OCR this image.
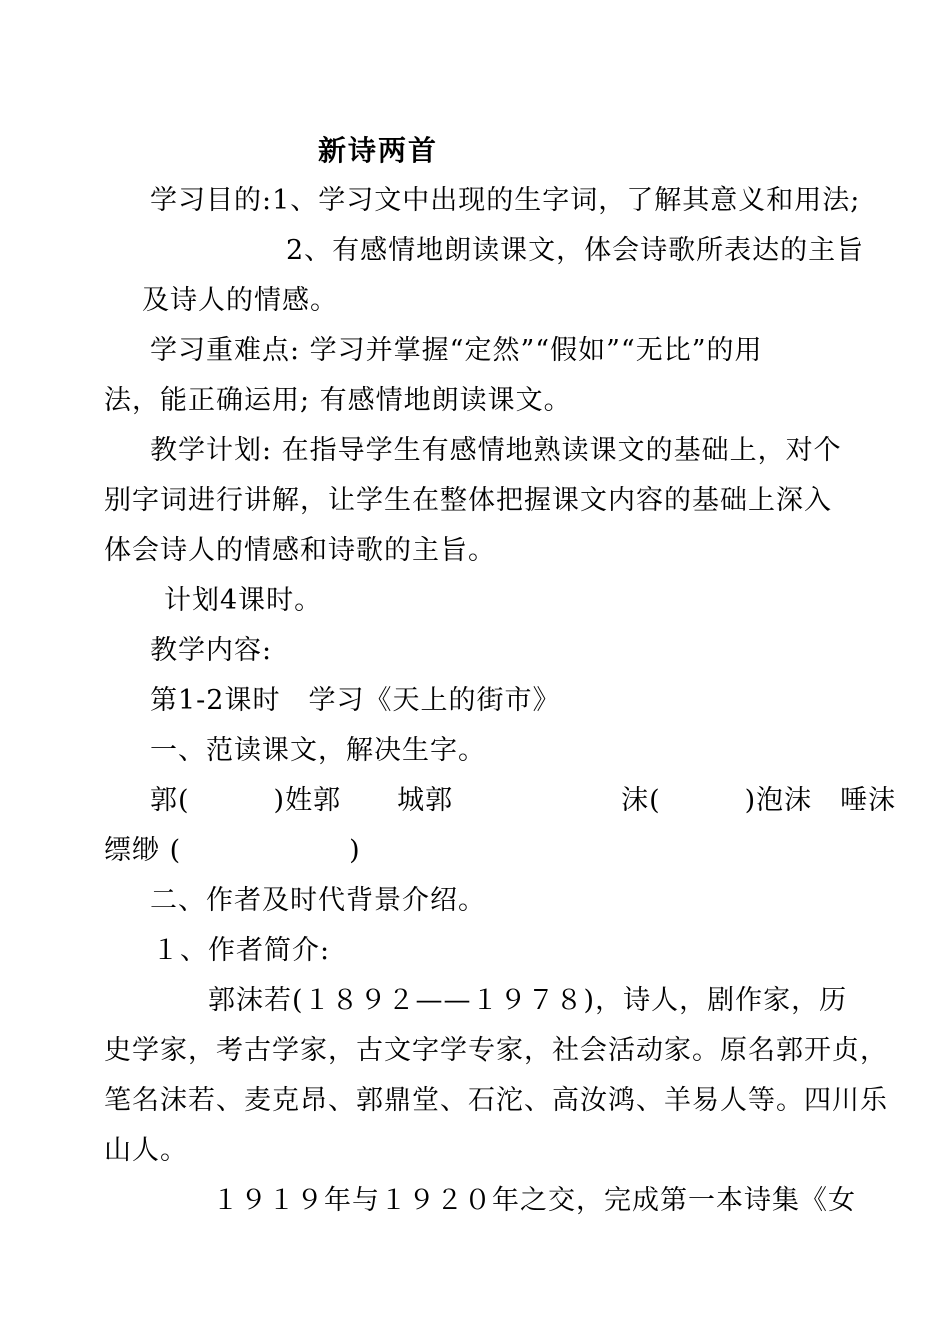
新诗两首
学习目的:1、学习文中出现的生字词，了解其意义和用法;
2、有感情地朗读课文，体会诗歌所表达的主旨
及诗人的情感。
学习重难点: 学习并掌握“定然”“假如”“无比”的用
法，能正确运用; 有感情地朗读课文。
教学计划: 在指导学生有感情地熟读课文的基础上，对个
别字词进行讲解，让学生在整体把握课文内容的基础上深入
体会诗人的情感和诗歌的主旨。
计划4课时。
教学内容:
第1-2课时　学习《天上的街市》
一、范读课文，解决生字。
郭(　　　)姓郭　　城郭　　　　　　沫(　　　)泡沫　唾沫
缥缈 (　　　　　　)
二、作者及时代背景介绍。
１、作者简介:
郭沫若(１８９２——１９７８)，诗人，剧作家，历
史学家，考古学家，古文字学专家，社会活动家。原名郭开贞，
笔名沫若、麦克昂、郭鼎堂、石沱、高汝鸿、羊易人等。四川乐
山人。
１９１９年与１９２０年之交，完成第一本诗集《女
